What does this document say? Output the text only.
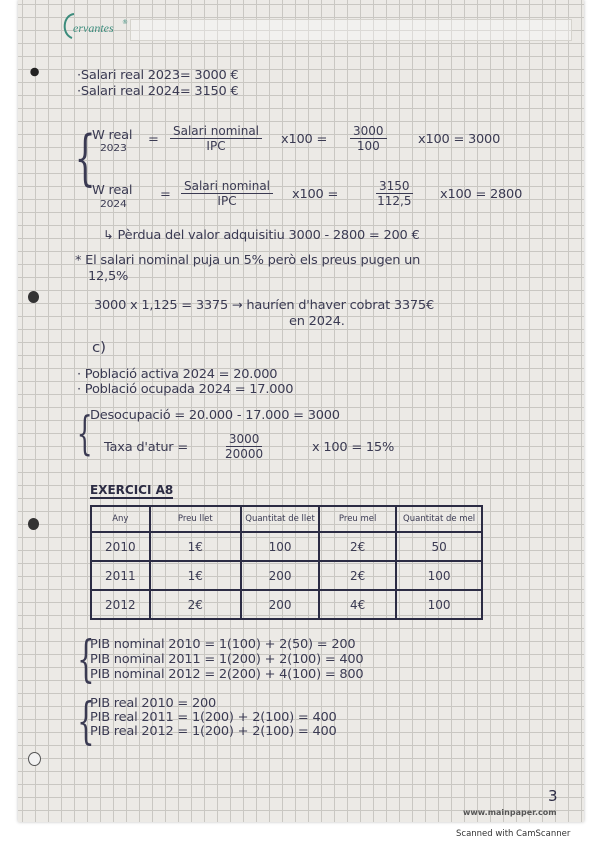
ervantes ®
·Salari real 2023= 3000 €
·Salari real 2024= 3150 €
{
W real
2023
=
Salari nominal
IPC	$x100 = \frac{3000}{100}$	x100 = 3000
W real
2024
=
Salari nominal
IPC	x100 =	$\frac{3150}{112,5} x100 = 2800$
↳ Pèrdua del valor adquisitiu 3000 - 2800 = 200 €
* El salari nominal puja un 5% però els preus pugen un
12,5%
3000 x 1,125 = 3375 → hauríen d'haver cobrat 3375€
en 2024.
c)
· Població activa 2024 = 20.000
· Població ocupada 2024 = 17.000
{
Desocupació = 20.000 - 17.000 = 3000
Taxa d'atur =	$\frac{3000}{20000}$	x 100 = 15%
EXERCICI A8
Any	Preu llet	Quantitat de llet	Preu mel	Quantitat de mel
2010	1€	100	2€	50
2011	1€	200	2€	100
2012	2€	200	4€	100
{
PIB nominal 2010 = 1(100) + 2(50) = 200
PIB nominal 2011 = 1(200) + 2(100) = 400
PIB nominal 2012 = 2(200) + 4(100) = 800
{
PIB real 2010 = 200
PIB real 2011 = 1(200) + 2(100) = 400
PIB real 2012 = 1(200) + 2(100) = 400
3
www.mainpaper.com
Scanned with CamScanner
